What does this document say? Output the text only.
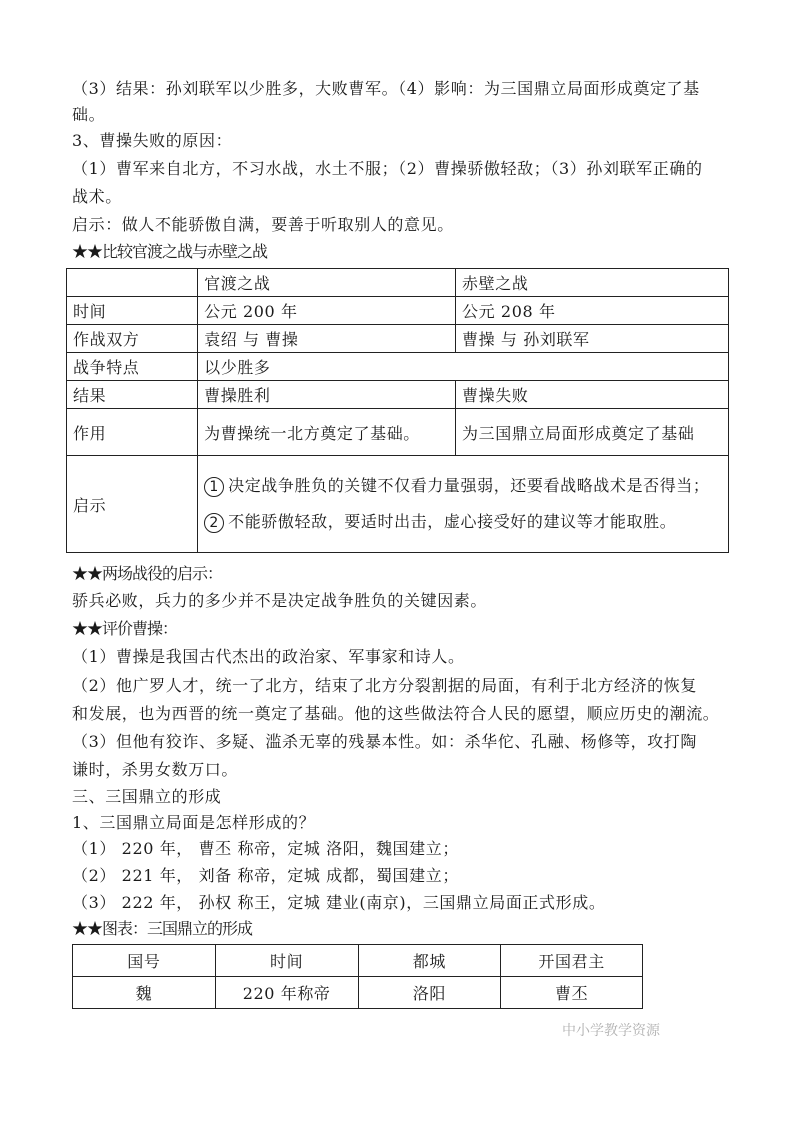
（3）结果：孙刘联军以少胜多，大败曹军。（4）影响：为三国鼎立局面形成奠定了基
础。
3、曹操失败的原因：
（1）曹军来自北方，不习水战，水土不服；（2）曹操骄傲轻敌；（3）孙刘联军正确的
战术。
启示：做人不能骄傲自满，要善于听取别人的意见。
★★比较官渡之战与赤壁之战
	官渡之战	赤壁之战
时间	公元 200 年	公元 208 年
作战双方	袁绍 与 曹操	曹操 与 孙刘联军
战争特点	以少胜多	
结果	曹操胜利	曹操失败
作用	为曹操统一北方奠定了基础。	为三国鼎立局面形成奠定了基础
启示	1 决定战争胜负的关键不仅看力量强弱，还要看战略战术是否得当；
2 不能骄傲轻敌，要适时出击，虚心接受好的建议等才能取胜。	
★★两场战役的启示：
骄兵必败，兵力的多少并不是决定战争胜负的关键因素。
★★评价曹操：
（1）曹操是我国古代杰出的政治家、军事家和诗人。
（2）他广罗人才，统一了北方，结束了北方分裂割据的局面，有利于北方经济的恢复
和发展，也为西晋的统一奠定了基础。他的这些做法符合人民的愿望，顺应历史的潮流。
（3）但他有狡诈、多疑、滥杀无辜的残暴本性。如：杀华佗、孔融、杨修等，攻打陶
谦时，杀男女数万口。
三、三国鼎立的形成
1、三国鼎立局面是怎样形成的？
（1） 220 年， 曹丕 称帝，定城 洛阳，魏国建立；
（2） 221 年， 刘备 称帝，定城 成都，蜀国建立；
（3） 222 年， 孙权 称王，定城 建业(南京)，三国鼎立局面正式形成。
★★图表：三国鼎立的形成
国号	时间	都城	开国君主
魏	220 年称帝	洛阳	曹丕
中小学教学资源
